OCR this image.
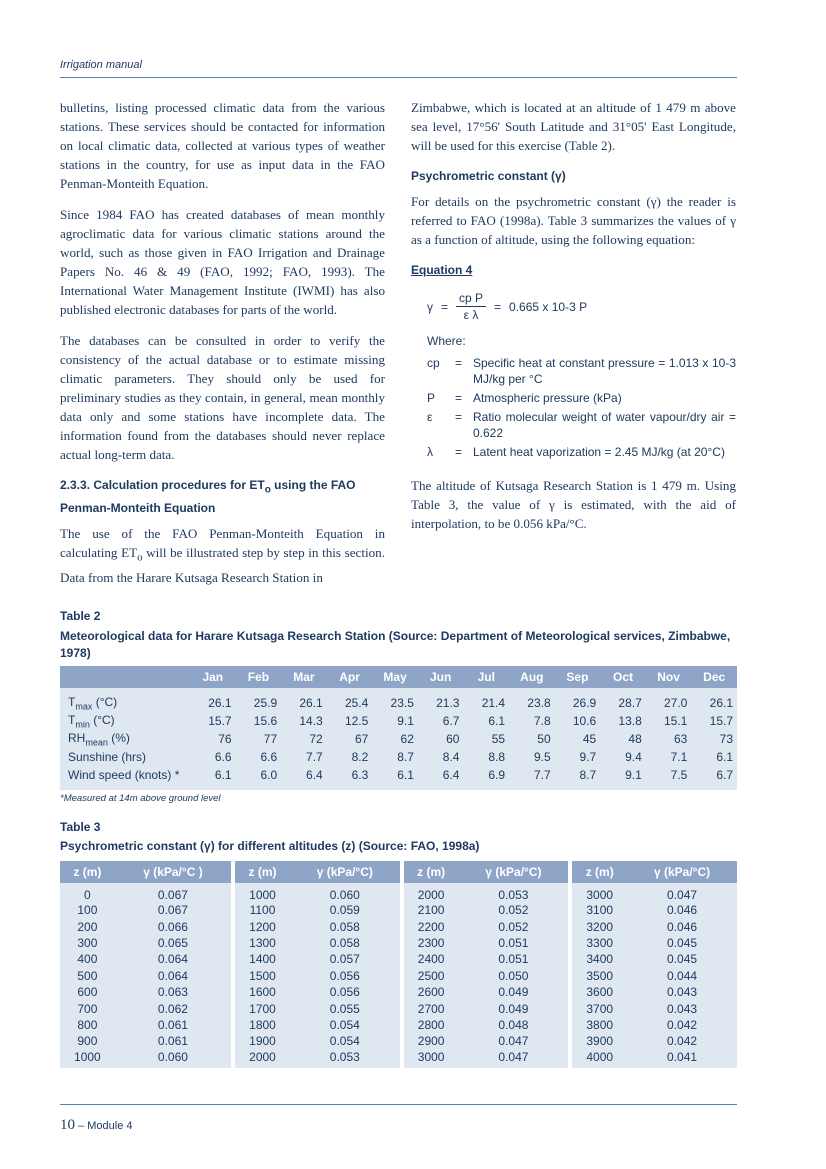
Irrigation manual

bulletins, listing processed climatic data from the various stations. These services should be contacted for information on local climatic data, collected at various types of weather stations in the country, for use as input data in the FAO Penman-Monteith Equation.

Since 1984 FAO has created databases of mean monthly agroclimatic data for various climatic stations around the world, such as those given in FAO Irrigation and Drainage Papers No. 46 & 49 (FAO, 1992; FAO, 1993). The International Water Management Institute (IWMI) has also published electronic databases for parts of the world.

The databases can be consulted in order to verify the consistency of the actual database or to estimate missing climatic parameters. They should only be used for preliminary studies as they contain, in general, mean monthly data only and some stations have incomplete data. The information found from the databases should never replace actual long-term data.

2.3.3. Calculation procedures for $ET_o$ using the FAO Penman-Monteith Equation

The use of the FAO Penman-Monteith Equation in calculating $ET_o$ will be illustrated step by step in this section. Data from the Harare Kutsaga Research Station in

Zimbabwe, which is located at an altitude of 1 479 m above sea level, 17°56' South Latitude and 31°05' East Longitude, will be used for this exercise (Table 2).

Psychrometric constant (γ)

For details on the psychrometric constant (γ) the reader is referred to FAO (1998a). Table 3 summarizes the values of γ as a function of altitude, using the following equation:

Equation 4
$\gamma = \frac{\text{cp P}}{\text{ε λ}} = 0.665$ x 10-3 P
Where:
cp	= Specific heat at constant pressure = 1.013 x 10-3 MJ/kg per °C
P	= Atmospheric pressure (kPa)
ε	= Ratio molecular weight of water vapour/dry air = 0.622
λ	= Latent heat vaporization = 2.45 MJ/kg (at 20°C)

The altitude of Kutsaga Research Station is 1 479 m. Using Table 3, the value of γ is estimated, with the aid of interpolation, to be 0.056 kPa/°C.

Table 2
Meteorological data for Harare Kutsaga Research Station (Source: Department of Meteorological services, Zimbabwe, 1978)
	Jan	Feb	Mar	Apr	May	Jun	Jul	Aug	Sep	Oct	Nov	Dec
$T_{max}$ (°C)	26.1	25.9	26.1	25.4	23.5	21.3	21.4	23.8	26.9	28.7	27.0	26.1
$T_{min}$ (°C)	15.7	15.6	14.3	12.5	9.1	6.7	6.1	7.8	10.6	13.8	15.1	15.7
$RH_{mean}$ (%)	76	77	72	67	62	60	55	50	45	48	63	73
Sunshine (hrs)	6.6	6.6	7.7	8.2	8.7	8.4	8.8	9.5	9.7	9.4	7.1	6.1
Wind speed (knots) *	6.1	6.0	6.4	6.3	6.1	6.4	6.9	7.7	8.7	9.1	7.5	6.7
*Measured at 14m above ground level
Table 3
Psychrometric constant (γ) for different altitudes (z) (Source: FAO, 1998a)
z (m)	γ (kPa/°C )		z (m)	γ (kPa/°C)		z (m)	γ (kPa/°C)		z (m)	γ (kPa/°C)
0	0.067		1000	0.060		2000	0.053		3000	0.047
100	0.067		1100	0.059		2100	0.052		3100	0.046
200	0.066		1200	0.058		2200	0.052		3200	0.046
300	0.065		1300	0.058		2300	0.051		3300	0.045
400	0.064		1400	0.057		2400	0.051		3400	0.045
500	0.064		1500	0.056		2500	0.050		3500	0.044
600	0.063		1600	0.056		2600	0.049		3600	0.043
700	0.062		1700	0.055		2700	0.049		3700	0.043
800	0.061		1800	0.054		2800	0.048		3800	0.042
900	0.061		1900	0.054		2900	0.047		3900	0.042
1000	0.060		2000	0.053		3000	0.047		4000	0.041
10 – Module 4
